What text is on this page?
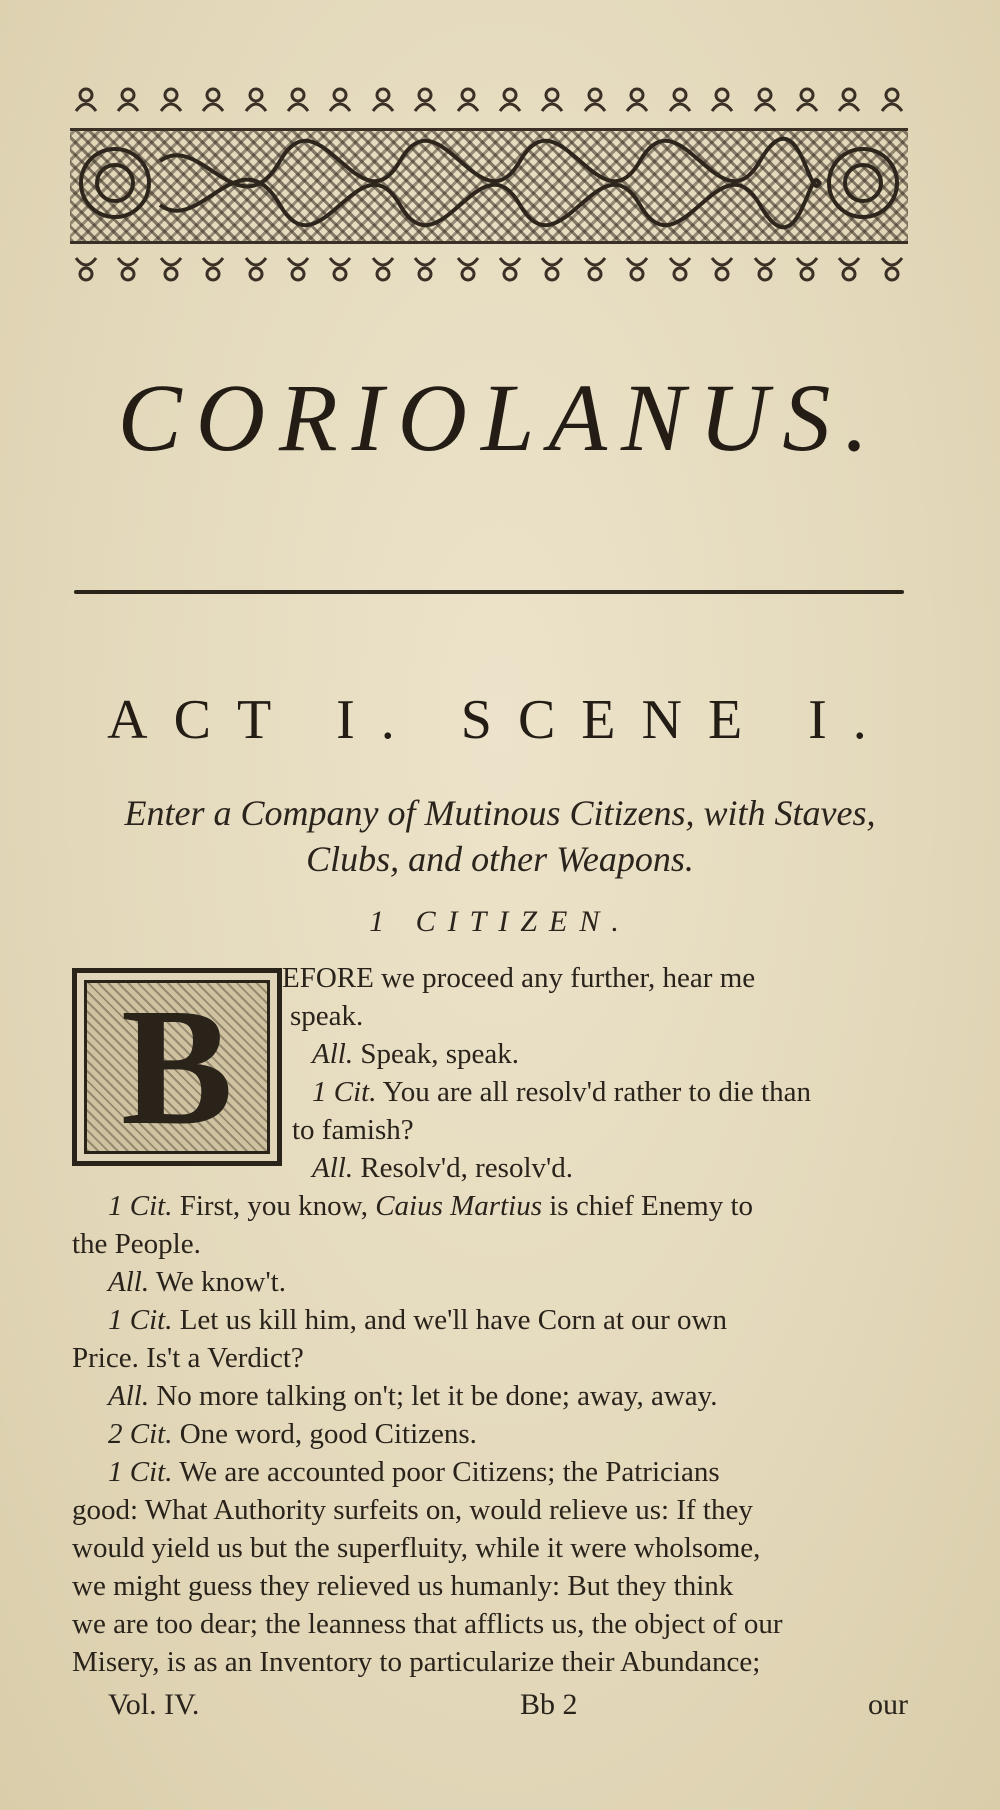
CORIOLANUS.
ACT I. SCENE I.
Enter a Company of Mutinous Citizens, with Staves,
Clubs, and other Weapons.
1 CITIZEN.
B	EFORE we proceed any further, hear me
speak.
All. Speak, speak.
1 Cit. You are all resolv'd rather to die than
to famish?
All. Resolv'd, resolv'd.
1 Cit. First, you know, Caius Martius is chief Enemy to
the People.
All. We know't.
1 Cit. Let us kill him, and we'll have Corn at our own
Price. Is't a Verdict?
All. No more talking on't; let it be done; away, away.
2 Cit. One word, good Citizens.
1 Cit. We are accounted poor Citizens; the Patricians
good: What Authority surfeits on, would relieve us: If they
would yield us but the superfluity, while it were wholsome,
we might guess they relieved us humanly: But they think
we are too dear; the leanness that afflicts us, the object of our
Misery, is as an Inventory to particularize their Abundance;
Vol. IV.	Bb 2	our
